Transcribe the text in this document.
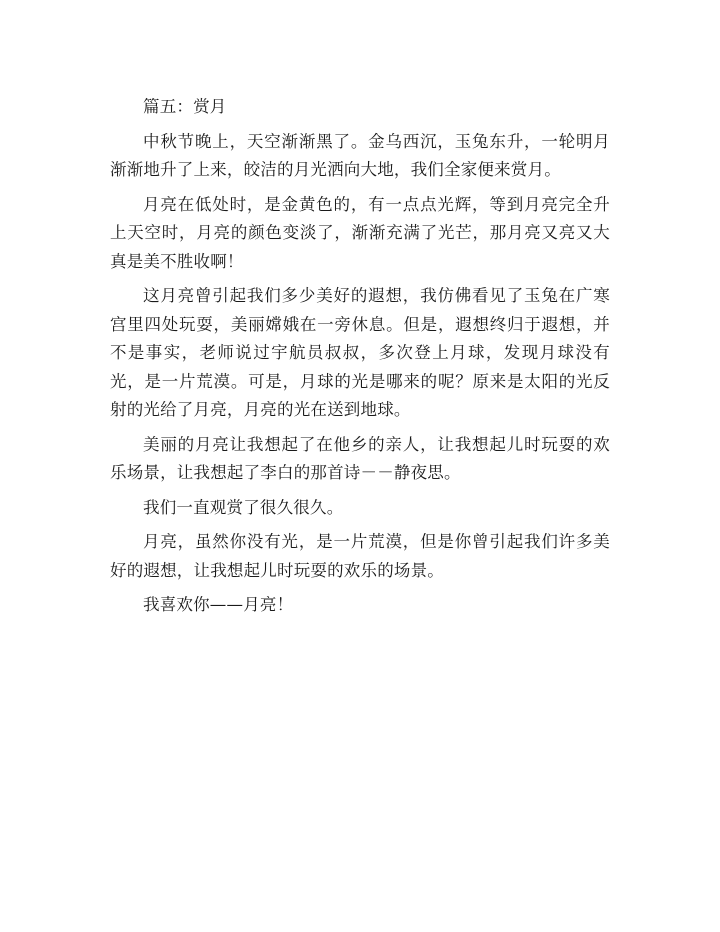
篇五：赏月

中秋节晚上，天空渐渐黑了。金乌西沉，玉兔东升，一轮明月渐渐地升了上来，皎洁的月光洒向大地，我们全家便来赏月。

月亮在低处时，是金黄色的，有一点点光辉，等到月亮完全升上天空时，月亮的颜色变淡了，渐渐充满了光芒，那月亮又亮又大真是美不胜收啊！

这月亮曾引起我们多少美好的遐想，我仿佛看见了玉兔在广寒宫里四处玩耍，美丽嫦娥在一旁休息。但是，遐想终归于遐想，并不是事实，老师说过宇航员叔叔，多次登上月球，发现月球没有光，是一片荒漠。可是，月球的光是哪来的呢？原来是太阳的光反射的光给了月亮，月亮的光在送到地球。

美丽的月亮让我想起了在他乡的亲人，让我想起儿时玩耍的欢乐场景，让我想起了李白的那首诗－－静夜思。

我们一直观赏了很久很久。

月亮，虽然你没有光，是一片荒漠，但是你曾引起我们许多美好的遐想，让我想起儿时玩耍的欢乐的场景。

我喜欢你——月亮！
